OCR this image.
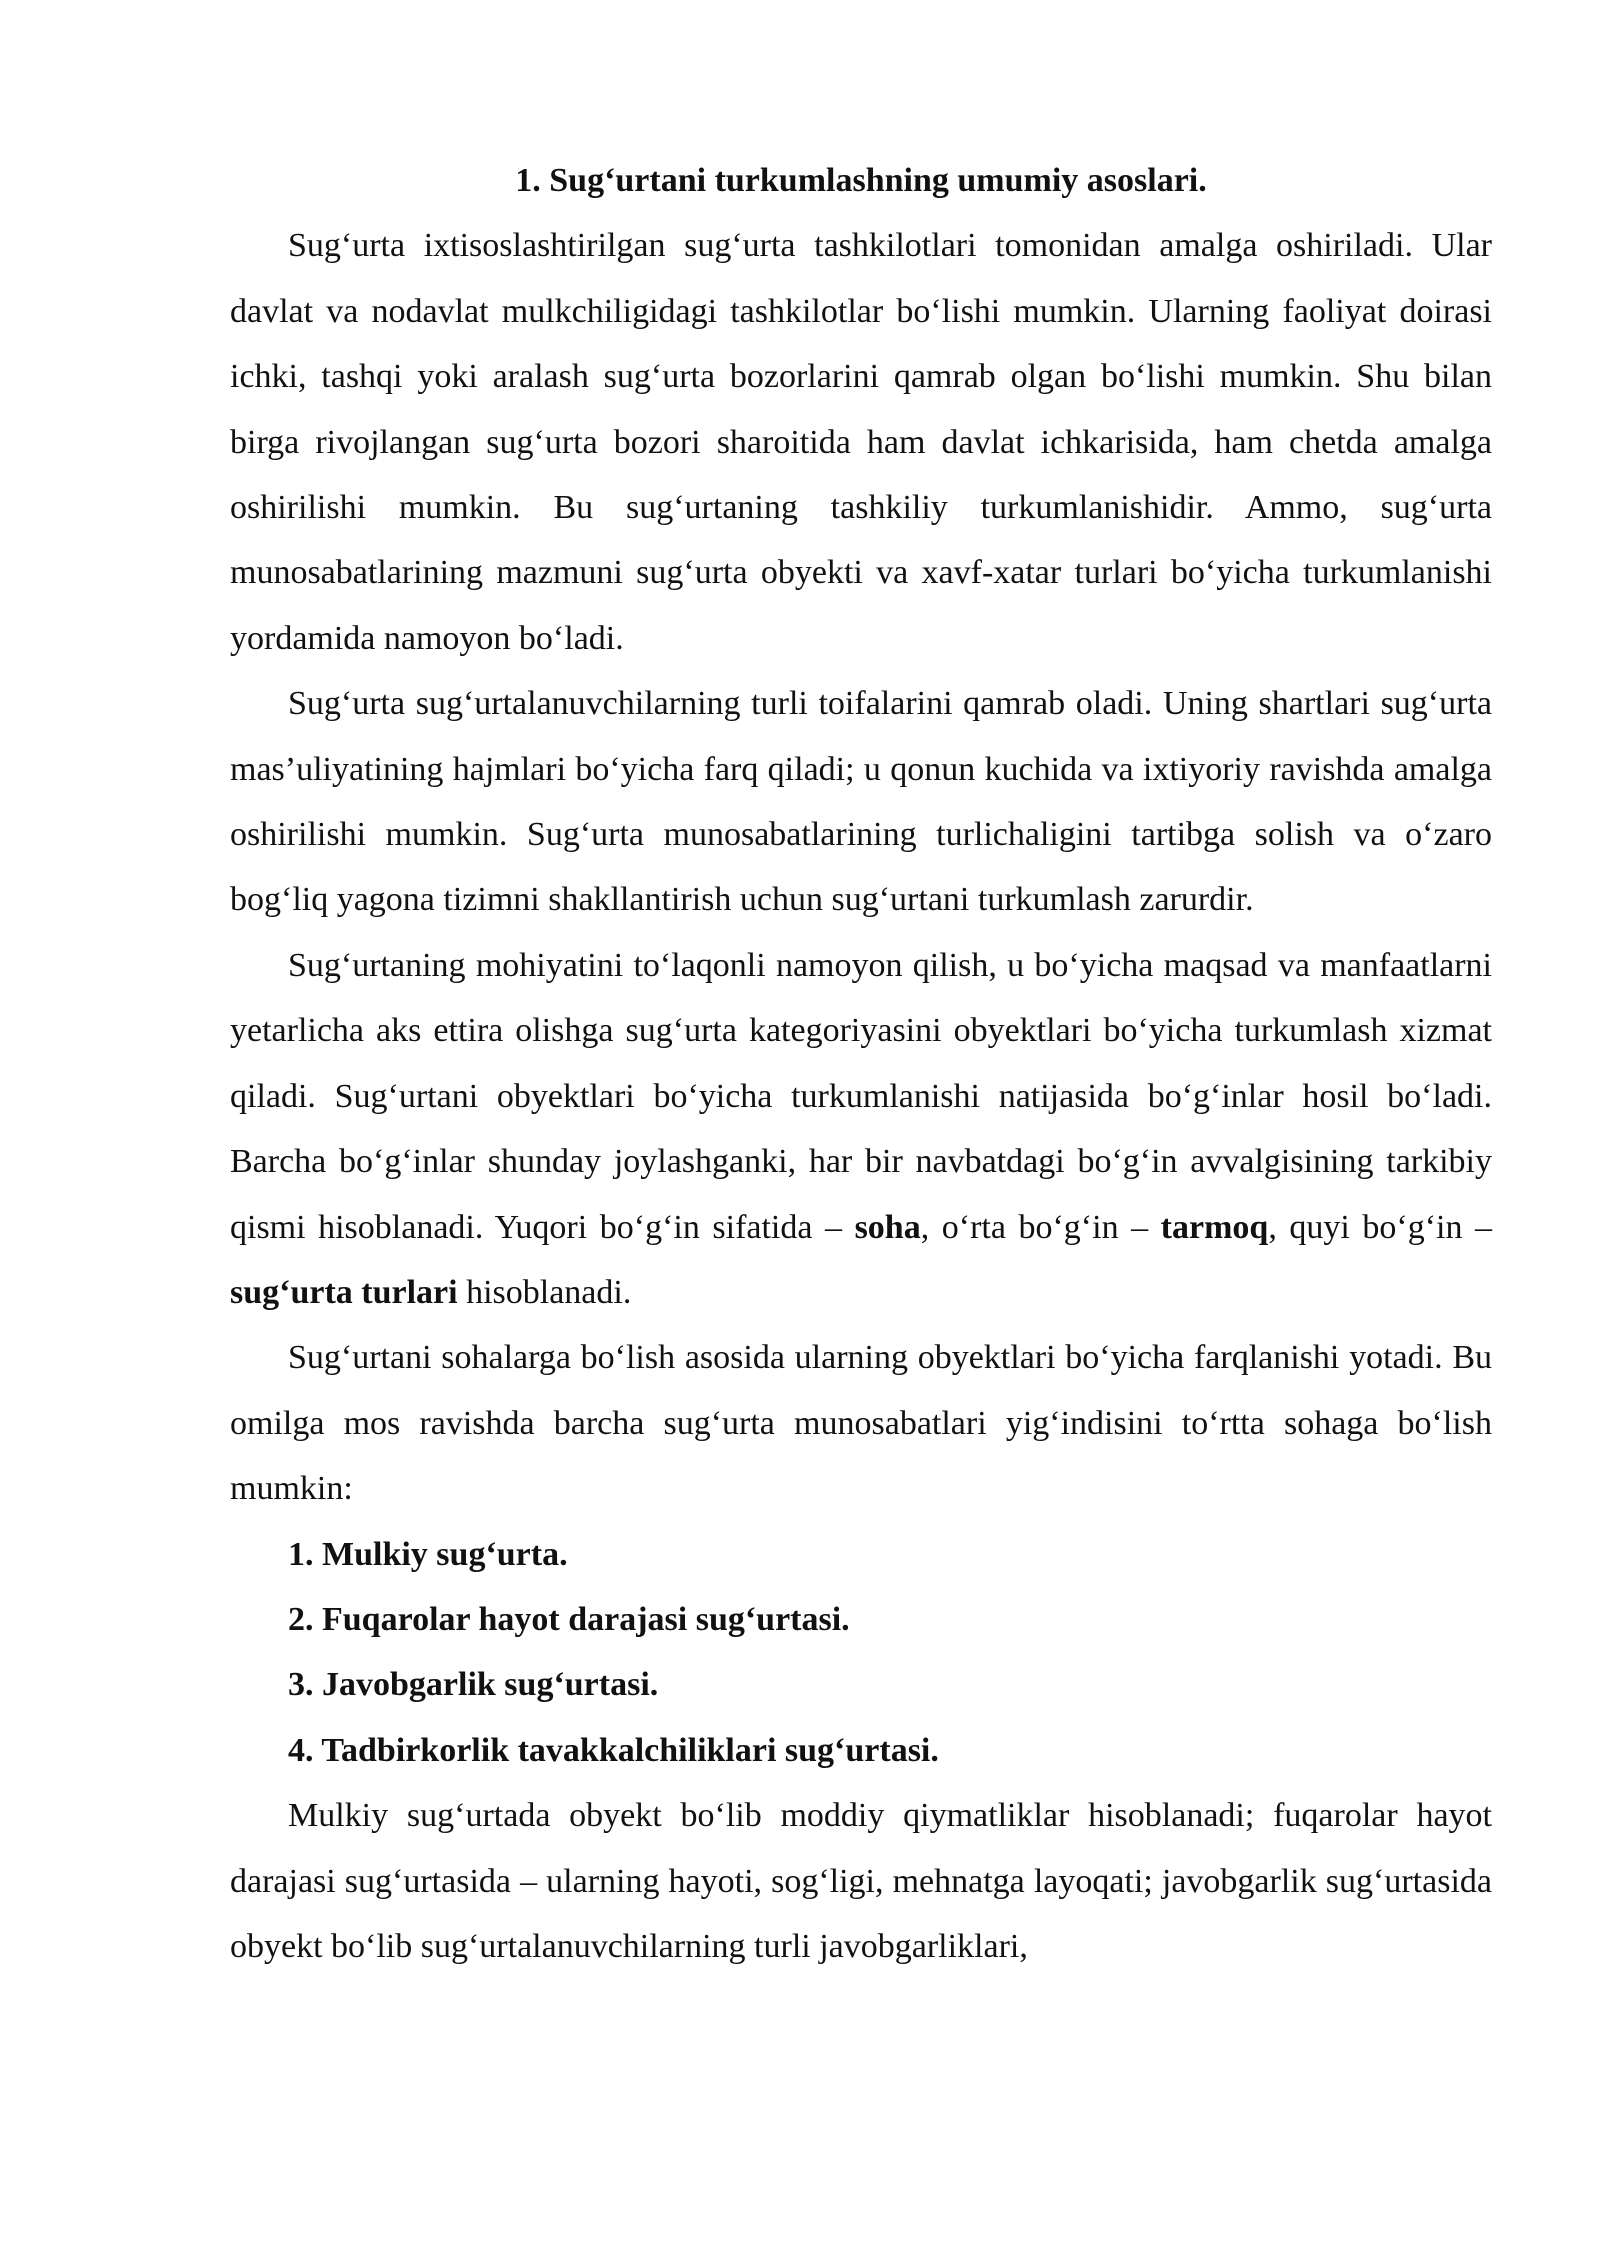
1. Sug‘urtani turkumlashning umumiy asoslari.

Sug‘urta ixtisoslashtirilgan sug‘urta tashkilotlari tomonidan amalga oshiriladi. Ular davlat va nodavlat mulkchiligidagi tashkilotlar bo‘lishi mumkin. Ularning faoliyat doirasi ichki, tashqi yoki aralash sug‘urta bozorlarini qamrab olgan bo‘lishi mumkin. Shu bilan birga rivojlangan sug‘urta bozori sharoitida ham davlat ichkarisida, ham chetda amalga oshirilishi mumkin. Bu sug‘urtaning tashkiliy turkumlanishidir. Ammo, sug‘urta munosabatlarining mazmuni sug‘urta obyekti va xavf-xatar turlari bo‘yicha turkumlanishi yordamida namoyon bo‘ladi.

Sug‘urta sug‘urtalanuvchilarning turli toifalarini qamrab oladi. Uning shartlari sug‘urta mas’uliyatining hajmlari bo‘yicha farq qiladi; u qonun kuchida va ixtiyoriy ravishda amalga oshirilishi mumkin. Sug‘urta munosabatlarining turlichaligini tartibga solish va o‘zaro bog‘liq yagona tizimni shakllantirish uchun sug‘urtani turkumlash zarurdir.

Sug‘urtaning mohiyatini to‘laqonli namoyon qilish, u bo‘yicha maqsad va manfaatlarni yetarlicha aks ettira olishga sug‘urta kategoriyasini obyektlari bo‘yicha turkumlash xizmat qiladi. Sug‘urtani obyektlari bo‘yicha turkumlanishi natijasida bo‘g‘inlar hosil bo‘ladi. Barcha bo‘g‘inlar shunday joylashganki, har bir navbatdagi bo‘g‘in avvalgisining tarkibiy qismi hisoblanadi. Yuqori bo‘g‘in sifatida – soha, o‘rta bo‘g‘in – tarmoq, quyi bo‘g‘in – sug‘urta turlari hisoblanadi.

Sug‘urtani sohalarga bo‘lish asosida ularning obyektlari bo‘yicha farqlanishi yotadi. Bu omilga mos ravishda barcha sug‘urta munosabatlari yig‘indisini to‘rtta sohaga bo‘lish mumkin:

1. Mulkiy sug‘urta.

2. Fuqarolar hayot darajasi sug‘urtasi.

3. Javobgarlik sug‘urtasi.

4. Tadbirkorlik tavakkalchiliklari sug‘urtasi.

Mulkiy sug‘urtada obyekt bo‘lib moddiy qiymatliklar hisoblanadi; fuqarolar hayot darajasi sug‘urtasida – ularning hayoti, sog‘ligi, mehnatga layoqati; javobgarlik sug‘urtasida obyekt bo‘lib sug‘urtalanuvchilarning turli javobgarliklari,
